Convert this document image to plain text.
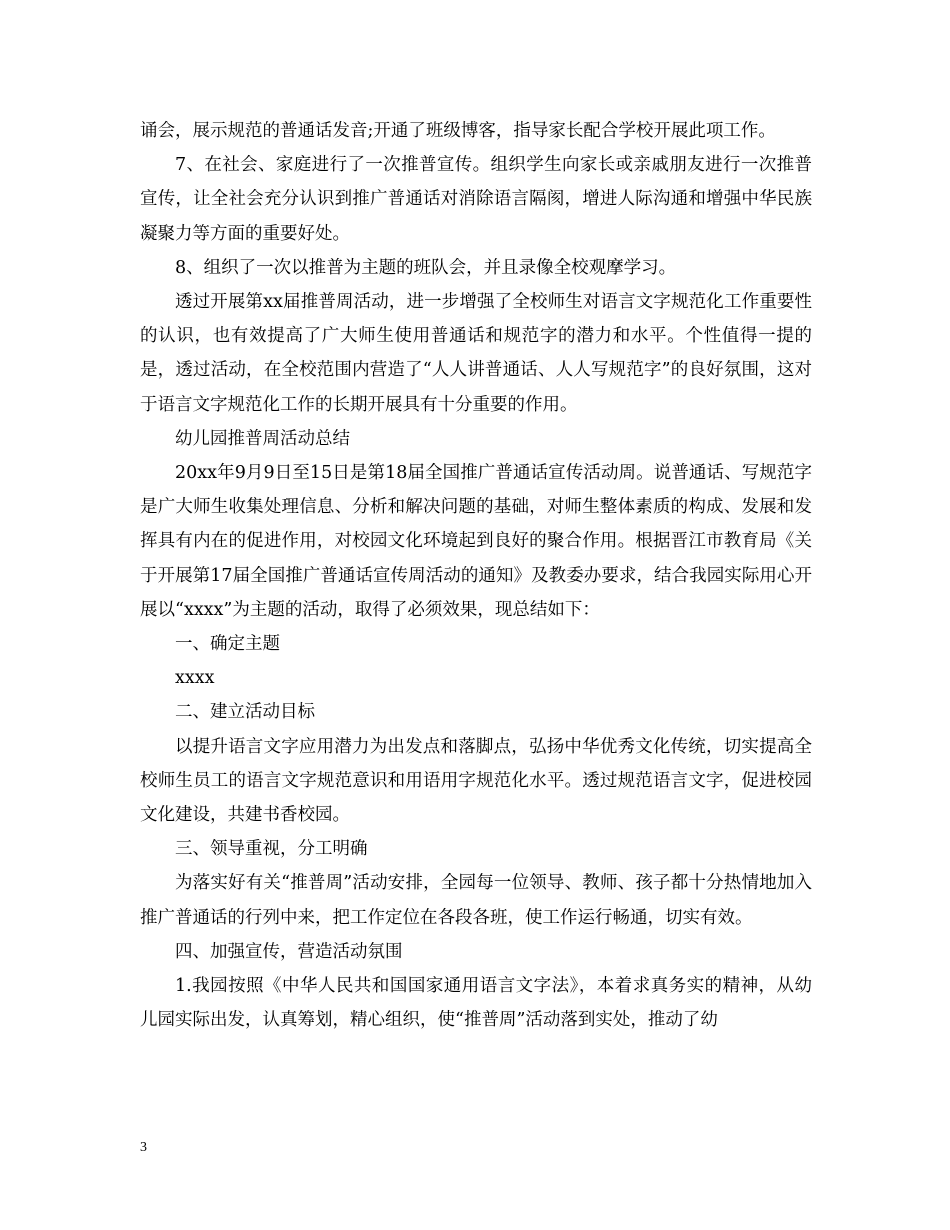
诵会，展示规范的普通话发音;开通了班级博客，指导家长配合学校开展此项工作。

7、在社会、家庭进行了一次推普宣传。组织学生向家长或亲戚朋友进行一次推普宣传，让全社会充分认识到推广普通话对消除语言隔阂，增进人际沟通和增强中华民族凝聚力等方面的重要好处。

8、组织了一次以推普为主题的班队会，并且录像全校观摩学习。

透过开展第xx届推普周活动，进一步增强了全校师生对语言文字规范化工作重要性的认识，也有效提高了广大师生使用普通话和规范字的潜力和水平。个性值得一提的是，透过活动，在全校范围内营造了“人人讲普通话、人人写规范字”的良好氛围，这对于语言文字规范化工作的长期开展具有十分重要的作用。

幼儿园推普周活动总结

20xx年9月9日至15日是第18届全国推广普通话宣传活动周。说普通话、写规范字是广大师生收集处理信息、分析和解决问题的基础，对师生整体素质的构成、发展和发挥具有内在的促进作用，对校园文化环境起到良好的聚合作用。根据晋江市教育局《关于开展第17届全国推广普通话宣传周活动的通知》及教委办要求，结合我园实际用心开展以“xxxx”为主题的活动，取得了必须效果，现总结如下：

一、确定主题

xxxx

二、建立活动目标

以提升语言文字应用潜力为出发点和落脚点，弘扬中华优秀文化传统，切实提高全校师生员工的语言文字规范意识和用语用字规范化水平。透过规范语言文字，促进校园文化建设，共建书香校园。

三、领导重视，分工明确

为落实好有关“推普周”活动安排，全园每一位领导、教师、孩子都十分热情地加入推广普通话的行列中来，把工作定位在各段各班，使工作运行畅通，切实有效。

四、加强宣传，营造活动氛围

1.我园按照《中华人民共和国国家通用语言文字法》，本着求真务实的精神，从幼儿园实际出发，认真筹划，精心组织，使“推普周”活动落到实处，推动了幼

3
